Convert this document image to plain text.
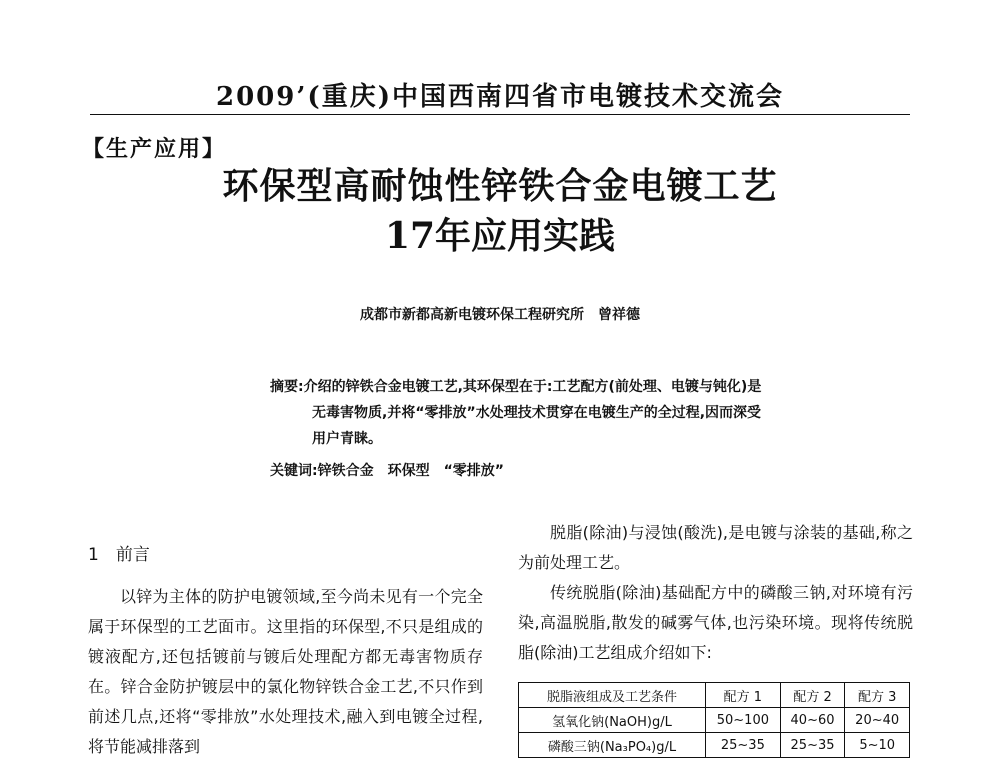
2009’(重庆)中国西南四省市电镀技术交流会
【生产应用】
环保型高耐蚀性锌铁合金电镀工艺
17年应用实践
成都市新都高新电镀环保工程研究所　曾祥德
摘要:介绍的锌铁合金电镀工艺,其环保型在于:工艺配方(前处理、电镀与钝化)是无毒害物质,并将“零排放”水处理技术贯穿在电镀生产的全过程,因而深受用户青睐。
关键词:锌铁合金　环保型　“零排放”
1　前言
以锌为主体的防护电镀领域,至今尚未见有一个完全属于环保型的工艺面市。这里指的环保型,不只是组成的镀液配方,还包括镀前与镀后处理配方都无毒害物质存在。锌合金防护镀层中的氯化物锌铁合金工艺,不只作到前述几点,还将“零排放”水处理技术,融入到电镀全过程,将节能减排落到
脱脂(除油)与浸蚀(酸洗),是电镀与涂装的基础,称之为前处理工艺。
传统脱脂(除油)基础配方中的磷酸三钠,对环境有污染,高温脱脂,散发的碱雾气体,也污染环境。现将传统脱脂(除油)工艺组成介绍如下:
脱脂液组成及工艺条件	配方 1	配方 2	配方 3
氢氧化钠(NaOH)g/L	50~100	40~60	20~40
磷酸三钠(Na₃PO₄)g/L	25~35	25~35	5~10
